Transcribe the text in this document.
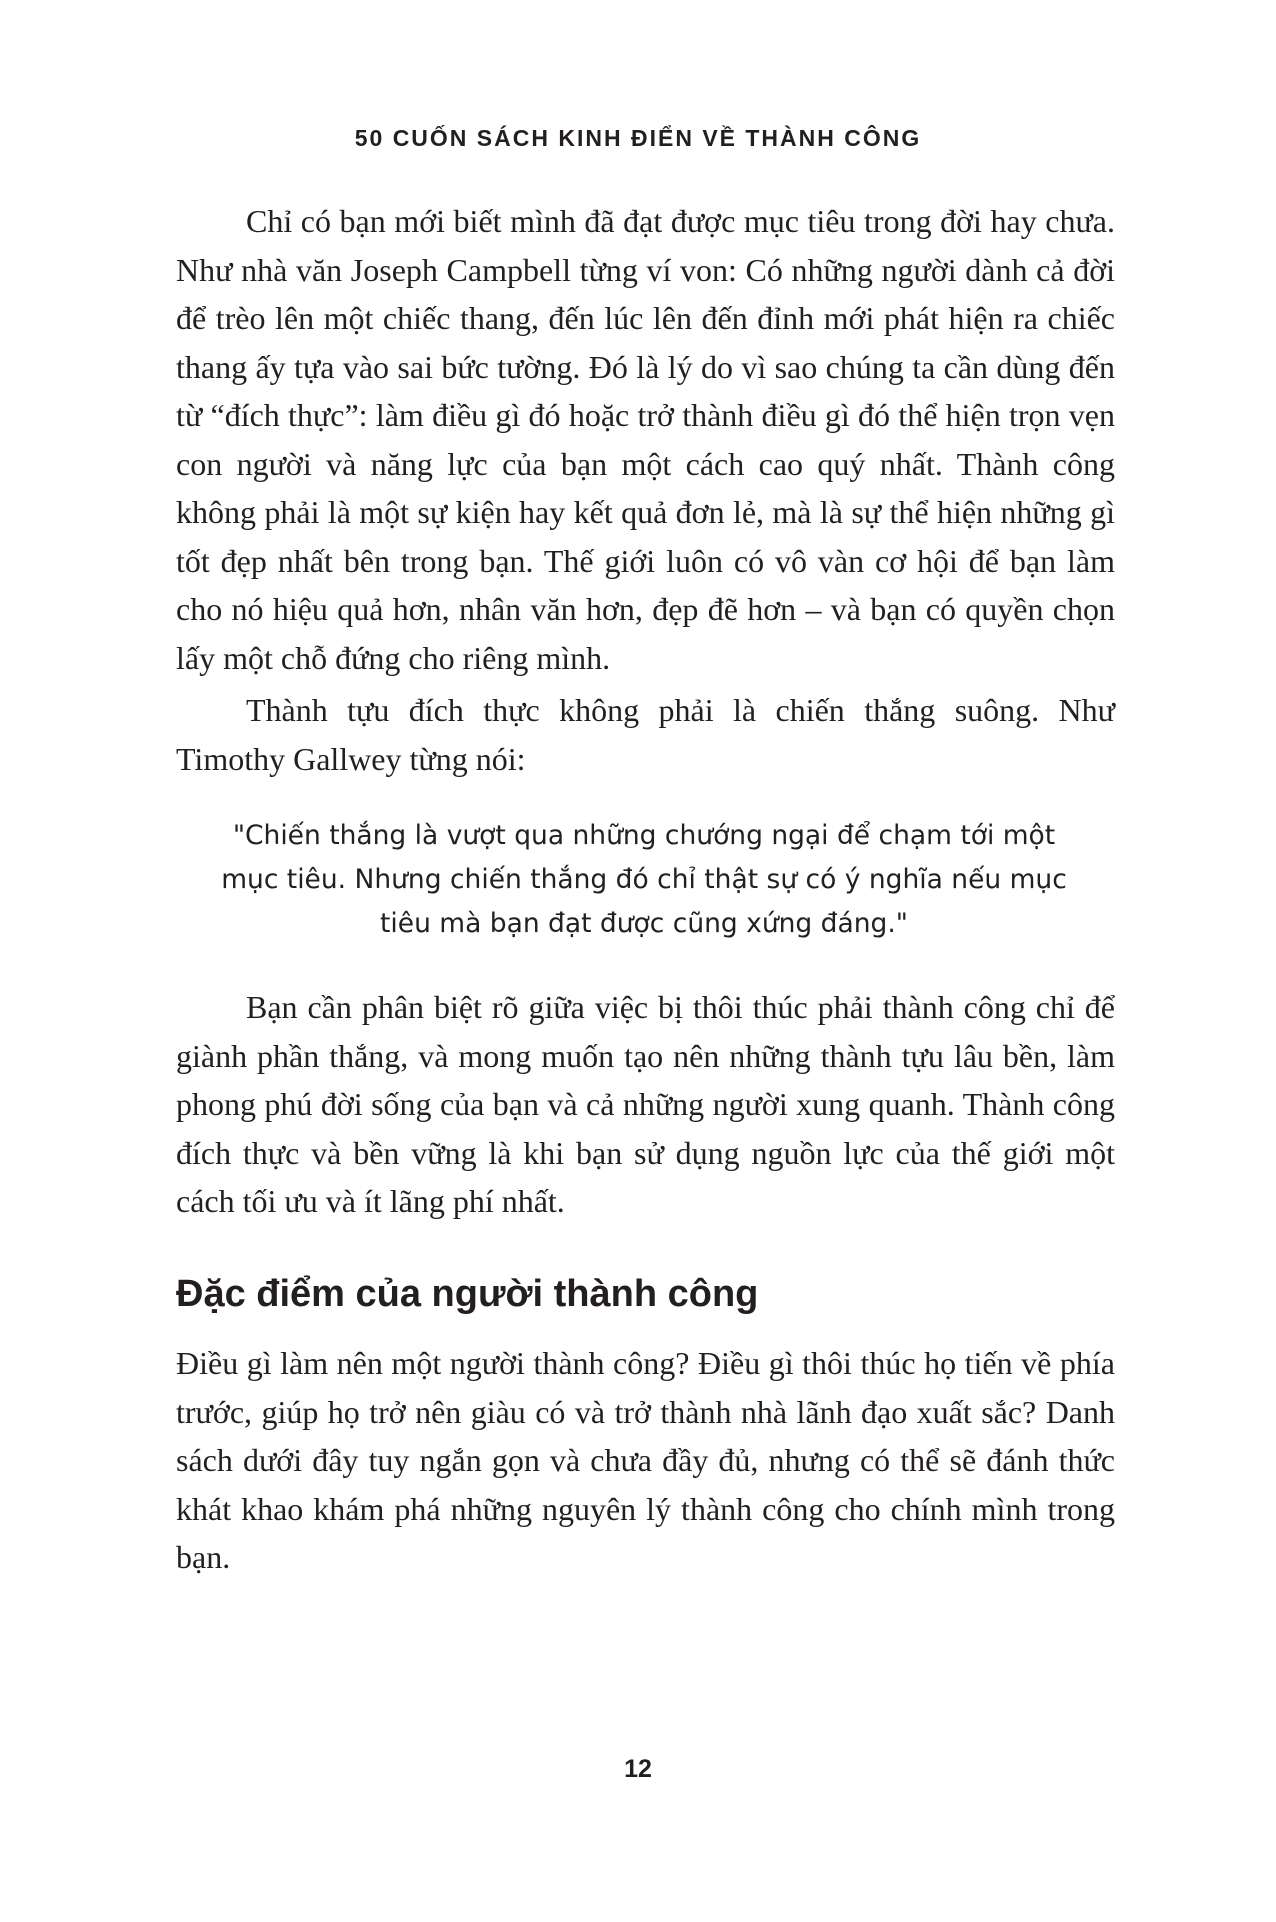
50 CUỐN SÁCH KINH ĐIỂN VỀ THÀNH CÔNG

Chỉ có bạn mới biết mình đã đạt được mục tiêu trong đời hay chưa. Như nhà văn Joseph Campbell từng ví von: Có những người dành cả đời để trèo lên một chiếc thang, đến lúc lên đến đỉnh mới phát hiện ra chiếc thang ấy tựa vào sai bức tường. Đó là lý do vì sao chúng ta cần dùng đến từ “đích thực”: làm điều gì đó hoặc trở thành điều gì đó thể hiện trọn vẹn con người và năng lực của bạn một cách cao quý nhất. Thành công không phải là một sự kiện hay kết quả đơn lẻ, mà là sự thể hiện những gì tốt đẹp nhất bên trong bạn. Thế giới luôn có vô vàn cơ hội để bạn làm cho nó hiệu quả hơn, nhân văn hơn, đẹp đẽ hơn – và bạn có quyền chọn lấy một chỗ đứng cho riêng mình.

Thành tựu đích thực không phải là chiến thắng suông. Như Timothy Gallwey từng nói:

"Chiến thắng là vượt qua những chướng ngại để chạm tới một mục tiêu. Nhưng chiến thắng đó chỉ thật sự có ý nghĩa nếu mục tiêu mà bạn đạt được cũng xứng đáng."

Bạn cần phân biệt rõ giữa việc bị thôi thúc phải thành công chỉ để giành phần thắng, và mong muốn tạo nên những thành tựu lâu bền, làm phong phú đời sống của bạn và cả những người xung quanh. Thành công đích thực và bền vững là khi bạn sử dụng nguồn lực của thế giới một cách tối ưu và ít lãng phí nhất.

Đặc điểm của người thành công

Điều gì làm nên một người thành công? Điều gì thôi thúc họ tiến về phía trước, giúp họ trở nên giàu có và trở thành nhà lãnh đạo xuất sắc? Danh sách dưới đây tuy ngắn gọn và chưa đầy đủ, nhưng có thể sẽ đánh thức khát khao khám phá những nguyên lý thành công cho chính mình trong bạn.

12
